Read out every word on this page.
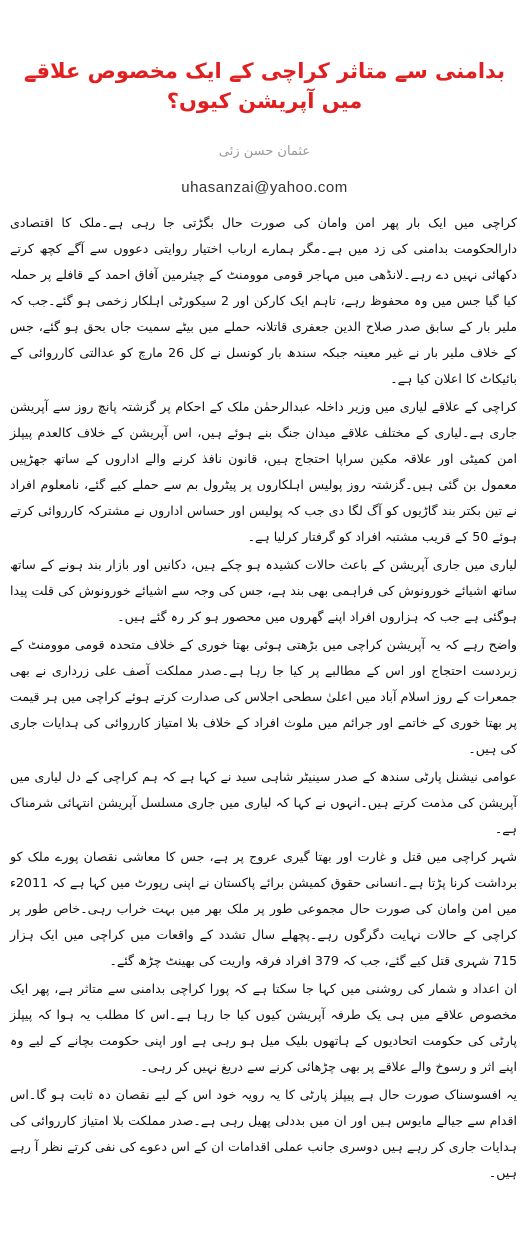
بدامنی سے متاثر کراچی کے ایک مخصوص علاقے میں آپریشن کیوں؟
عثمان حسن زئی
uhasanzai@yahoo.com

کراچی میں ایک بار پھر امن وامان کی صورت حال بگڑتی جا رہی ہے۔ملک کا اقتصادی دارالحکومت بدامنی کی زد میں ہے۔مگر ہمارے ارباب اختیار روایتی دعووں سے آگے کچھ کرتے دکھائی نہیں دے رہے۔لانڈھی میں مہاجر قومی موومنٹ کے چیئرمین آفاق احمد کے قافلے پر حملہ کیا گیا جس میں وہ محفوظ رہے، تاہم ایک کارکن اور 2 سیکورٹی اہلکار زخمی ہو گئے۔جب کہ ملیر بار کے سابق صدر صلاح الدین جعفری قاتلانہ حملے میں بیٹے سمیت جاں بحق ہو گئے، جس کے خلاف ملیر بار نے غیر معینہ جبکہ سندھ بار کونسل نے کل 26 مارچ کو عدالتی کارروائی کے بائیکاٹ کا اعلان کیا ہے۔

کراچی کے علاقے لیاری میں وزیر داخلہ عبدالرحمٰن ملک کے احکام پر گزشتہ پانچ روز سے آپریشن جاری ہے۔لیاری کے مختلف علاقے میدان جنگ بنے ہوئے ہیں، اس آپریشن کے خلاف کالعدم پیپلز امن کمیٹی اور علاقہ مکین سراپا احتجاج ہیں، قانون نافذ کرنے والے اداروں کے ساتھ جھڑپیں معمول بن گئی ہیں۔گزشتہ روز پولیس اہلکاروں پر پیٹرول بم سے حملے کیے گئے، نامعلوم افراد نے تین بکتر بند گاڑیوں کو آگ لگا دی جب کہ پولیس اور حساس اداروں نے مشترکہ کارروائی کرتے ہوئے 50 کے قریب مشتبہ افراد کو گرفتار کرلیا ہے۔

لیاری میں جاری آپریشن کے باعث حالات کشیدہ ہو چکے ہیں، دکانیں اور بازار بند ہونے کے ساتھ ساتھ اشیائے خورونوش کی فراہمی بھی بند ہے، جس کی وجہ سے اشیائے خورونوش کی قلت پیدا ہوگئی ہے جب کہ ہزاروں افراد اپنے گھروں میں محصور ہو کر رہ گئے ہیں۔

واضح رہے کہ یہ آپریشن کراچی میں بڑھتی ہوئی بھتا خوری کے خلاف متحدہ قومی موومنٹ کے زبردست احتجاج اور اس کے مطالبے پر کیا جا رہا ہے۔صدر مملکت آصف علی زرداری نے بھی جمعرات کے روز اسلام آباد میں اعلیٰ سطحی اجلاس کی صدارت کرتے ہوئے کراچی میں ہر قیمت پر بھتا خوری کے خاتمے اور جرائم میں ملوث افراد کے خلاف بلا امتیاز کارروائی کی ہدایات جاری کی ہیں۔

عوامی نیشنل پارٹی سندھ کے صدر سینیٹر شاہی سید نے کہا ہے کہ ہم کراچی کے دل لیاری میں آپریشن کی مذمت کرتے ہیں۔انہوں نے کہا کہ لیاری میں جاری مسلسل آپریشن انتہائی شرمناک ہے۔

شہر کراچی میں قتل و غارت اور بھتا گیری عروج پر ہے، جس کا معاشی نقصان پورے ملک کو برداشت کرنا پڑتا ہے۔انسانی حقوق کمیشن برائے پاکستان نے اپنی رپورٹ میں کہا ہے کہ 2011ء میں امن وامان کی صورت حال مجموعی طور پر ملک بھر میں بہت خراب رہی۔خاص طور پر کراچی کے حالات نہایت دگرگوں رہے۔پچھلے سال تشدد کے واقعات میں کراچی میں ایک ہزار 715 شہری قتل کیے گئے، جب کہ 379 افراد فرقہ واریت کی بھینٹ چڑھ گئے۔

ان اعداد و شمار کی روشنی میں کہا جا سکتا ہے کہ پورا کراچی بدامنی سے متاثر ہے، پھر ایک مخصوص علاقے میں ہی یک طرفہ آپریشن کیوں کیا جا رہا ہے۔اس کا مطلب یہ ہوا کہ پیپلز پارٹی کی حکومت اتحادیوں کے ہاتھوں بلیک میل ہو رہی ہے اور اپنی حکومت بچانے کے لیے وہ اپنے اثر و رسوخ والے علاقے پر بھی چڑھائی کرنے سے دریغ نہیں کر رہی۔

یہ افسوسناک صورت حال ہے پیپلز پارٹی کا یہ رویہ خود اس کے لیے نقصان دہ ثابت ہو گا۔اس اقدام سے جیالے مایوس ہیں اور ان میں بددلی پھیل رہی ہے۔صدر مملکت بلا امتیاز کارروائی کی ہدایات جاری کر رہے ہیں دوسری جانب عملی اقدامات ان کے اس دعوے کی نفی کرتے نظر آ رہے ہیں۔
